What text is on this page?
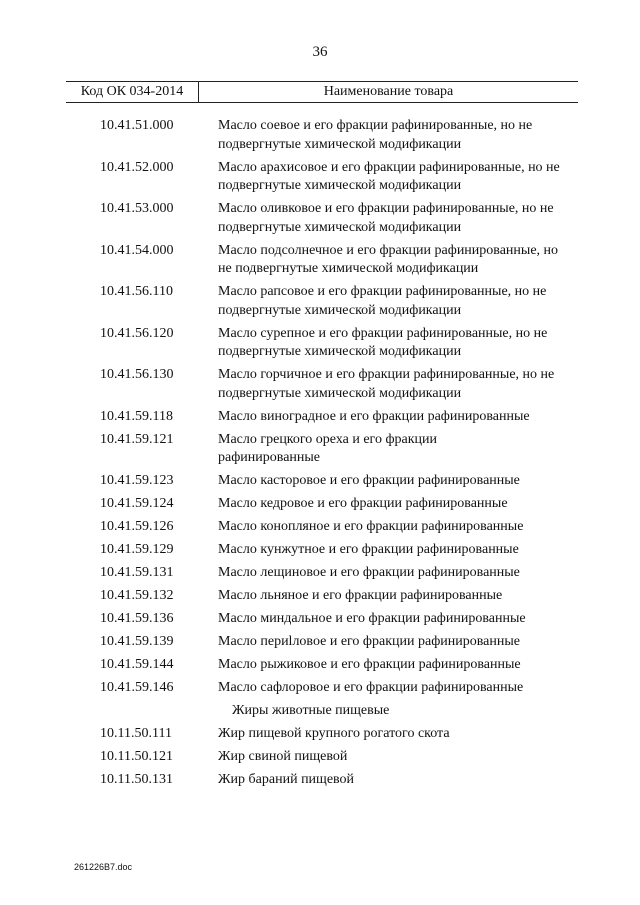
36
Код ОК 034-2014	Наименование товара
10.41.51.000	Масло соевое и его фракции рафинированные, но не подвергнутые химической модификации
10.41.52.000	Масло арахисовое и его фракции рафинированные, но не подвергнутые химической модификации
10.41.53.000	Масло оливковое и его фракции рафинированные, но не подвергнутые химической модификации
10.41.54.000	Масло подсолнечное и его фракции рафинированные, но не подвергнутые химической модификации
10.41.56.110	Масло рапсовое и его фракции рафинированные, но не подвергнутые химической модификации
10.41.56.120	Масло сурепное и его фракции рафинированные, но не подвергнутые химической модификации
10.41.56.130	Масло горчичное и его фракции рафинированные, но не подвергнутые химической модификации
10.41.59.118	Масло виноградное и его фракции рафинированные
10.41.59.121	Масло грецкого ореха и его фракции рафинированные
10.41.59.123	Масло касторовое и его фракции рафинированные
10.41.59.124	Масло кедровое и его фракции рафинированные
10.41.59.126	Масло конопляное и его фракции рафинированные
10.41.59.129	Масло кунжутное и его фракции рафинированные
10.41.59.131	Масло лещиновое и его фракции рафинированные
10.41.59.132	Масло льняное и его фракции рафинированные
10.41.59.136	Масло миндальное и его фракции рафинированные
10.41.59.139	Масло периlловое и его фракции рафинированные
10.41.59.144	Масло рыжиковое и его фракции рафинированные
10.41.59.146	Масло сафлоровое и его фракции рафинированные
Жиры животные пищевые
10.11.50.111	Жир пищевой крупного рогатого скота
10.11.50.121	Жир свиной пищевой
10.11.50.131	Жир бараний пищевой
261226В7.doc
